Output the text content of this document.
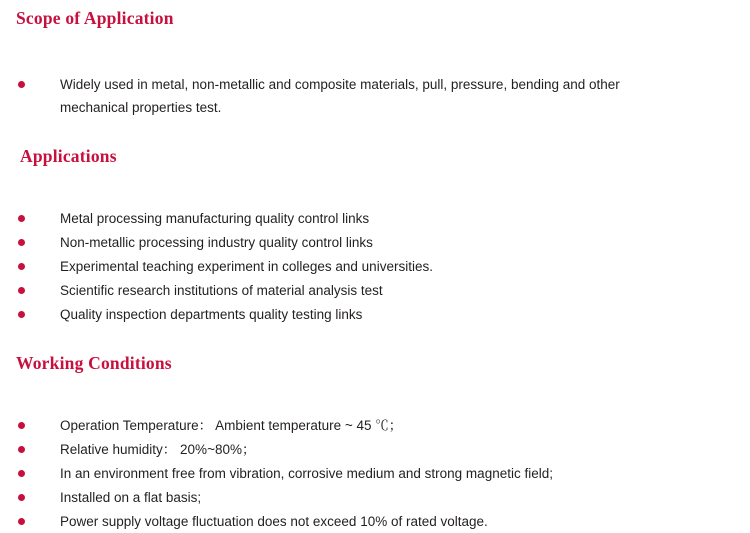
Scope of Application
Widely used in metal, non-metallic and composite materials, pull, pressure, bending and other mechanical properties test.
Applications
Metal processing manufacturing quality control links
Non-metallic processing industry quality control links
Experimental teaching experiment in colleges and universities.
Scientific research institutions of material analysis test
Quality inspection departments quality testing links
Working Conditions
Operation Temperature： Ambient temperature ~ 45 ℃；
Relative humidity： 20%~80%；
In an environment free from vibration, corrosive medium and strong magnetic field;
Installed on a flat basis;
Power supply voltage fluctuation does not exceed 10% of rated voltage.
